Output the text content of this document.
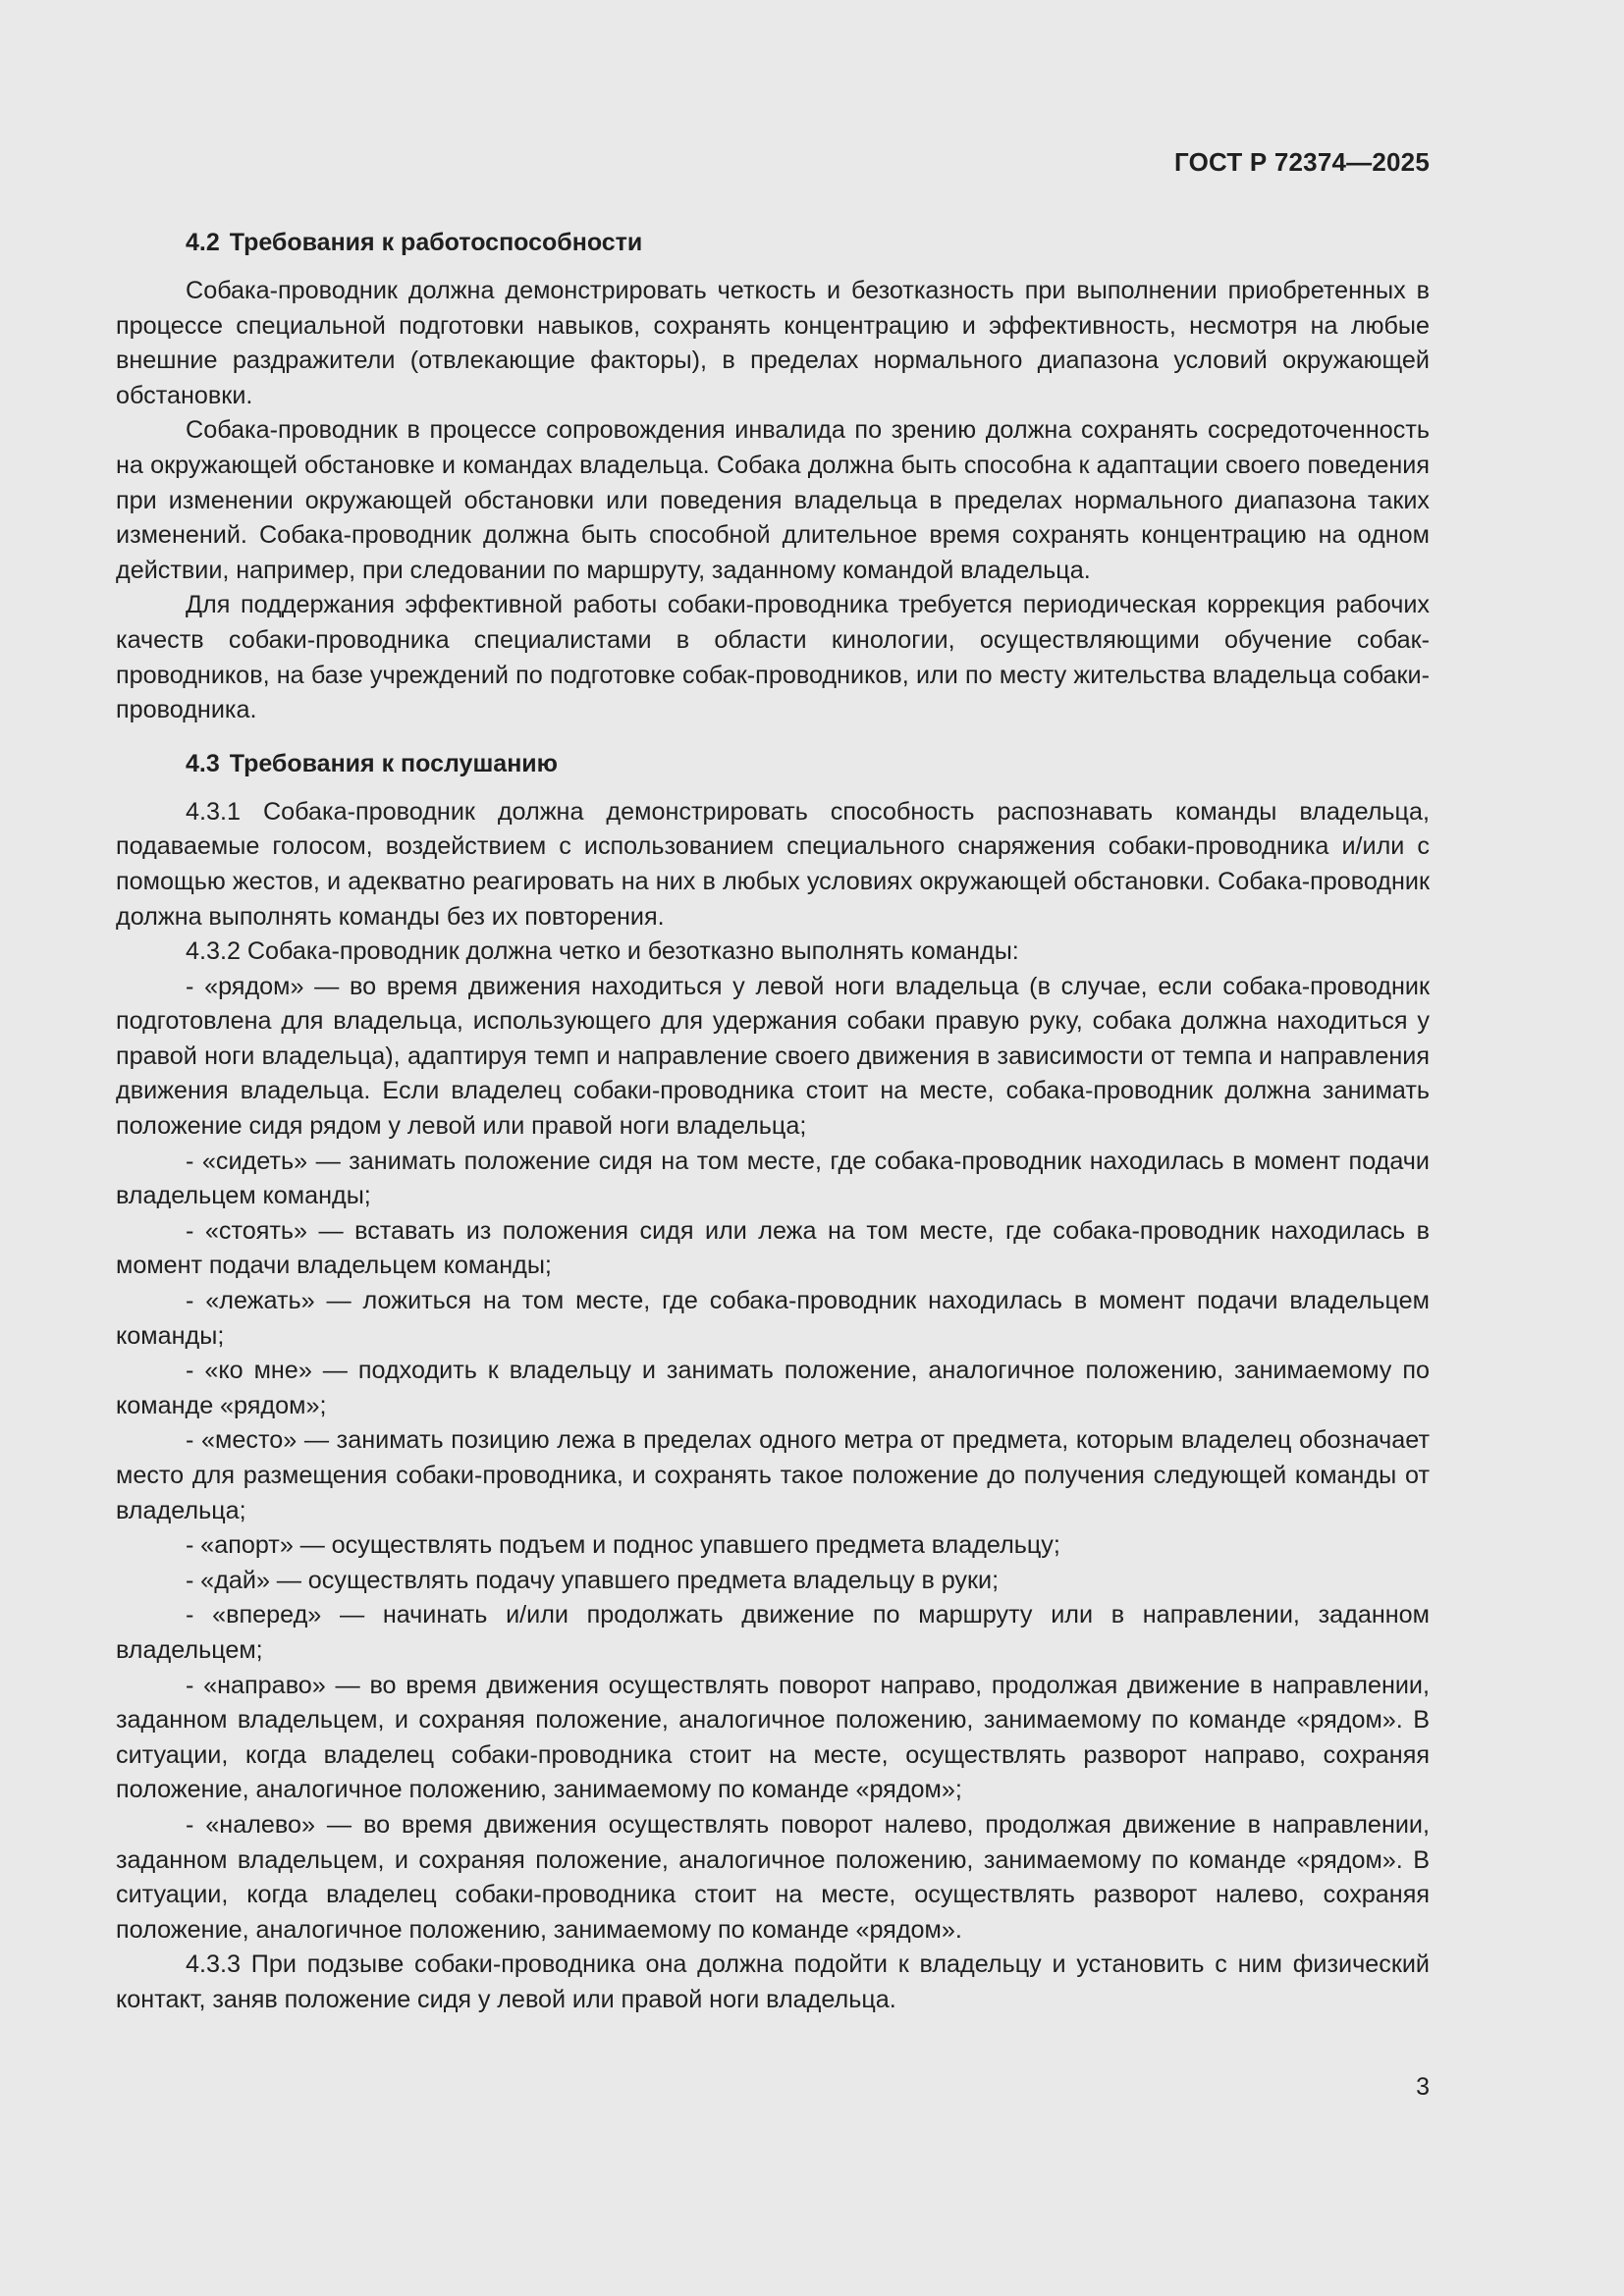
ГОСТ Р 72374—2025
4.2 Требования к работоспособности

Собака-проводник должна демонстрировать четкость и безотказность при выполнении приобретенных в процессе специальной подготовки навыков, сохранять концентрацию и эффективность, несмотря на любые внешние раздражители (отвлекающие факторы), в пределах нормального диапазона условий окружающей обстановки.

Собака-проводник в процессе сопровождения инвалида по зрению должна сохранять сосредоточенность на окружающей обстановке и командах владельца. Собака должна быть способна к адаптации своего поведения при изменении окружающей обстановки или поведения владельца в пределах нормального диапазона таких изменений. Собака-проводник должна быть способной длительное время сохранять концентрацию на одном действии, например, при следовании по маршруту, заданному командой владельца.

Для поддержания эффективной работы собаки-проводника требуется периодическая коррекция рабочих качеств собаки-проводника специалистами в области кинологии, осуществляющими обучение собак-проводников, на базе учреждений по подготовке собак-проводников, или по месту жительства владельца собаки-проводника.

4.3 Требования к послушанию

4.3.1 Собака-проводник должна демонстрировать способность распознавать команды владельца, подаваемые голосом, воздействием с использованием специального снаряжения собаки-проводника и/или с помощью жестов, и адекватно реагировать на них в любых условиях окружающей обстановки. Собака-проводник должна выполнять команды без их повторения.

4.3.2 Собака-проводник должна четко и безотказно выполнять команды:

- «рядом» — во время движения находиться у левой ноги владельца (в случае, если собака-проводник подготовлена для владельца, использующего для удержания собаки правую руку, собака должна находиться у правой ноги владельца), адаптируя темп и направление своего движения в зависимости от темпа и направления движения владельца. Если владелец собаки-проводника стоит на месте, собака-проводник должна занимать положение сидя рядом у левой или правой ноги владельца;

- «сидеть» — занимать положение сидя на том месте, где собака-проводник находилась в момент подачи владельцем команды;

- «стоять» — вставать из положения сидя или лежа на том месте, где собака-проводник находилась в момент подачи владельцем команды;

- «лежать» — ложиться на том месте, где собака-проводник находилась в момент подачи владельцем команды;

- «ко мне» — подходить к владельцу и занимать положение, аналогичное положению, занимаемому по команде «рядом»;

- «место» — занимать позицию лежа в пределах одного метра от предмета, которым владелец обозначает место для размещения собаки-проводника, и сохранять такое положение до получения следующей команды от владельца;

- «апорт» — осуществлять подъем и поднос упавшего предмета владельцу;

- «дай» — осуществлять подачу упавшего предмета владельцу в руки;

- «вперед» — начинать и/или продолжать движение по маршруту или в направлении, заданном владельцем;

- «направо» — во время движения осуществлять поворот направо, продолжая движение в направлении, заданном владельцем, и сохраняя положение, аналогичное положению, занимаемому по команде «рядом». В ситуации, когда владелец собаки-проводника стоит на месте, осуществлять разворот направо, сохраняя положение, аналогичное положению, занимаемому по команде «рядом»;

- «налево» — во время движения осуществлять поворот налево, продолжая движение в направлении, заданном владельцем, и сохраняя положение, аналогичное положению, занимаемому по команде «рядом». В ситуации, когда владелец собаки-проводника стоит на месте, осуществлять разворот налево, сохраняя положение, аналогичное положению, занимаемому по команде «рядом».

4.3.3 При подзыве собаки-проводника она должна подойти к владельцу и установить с ним физический контакт, заняв положение сидя у левой или правой ноги владельца.

3
